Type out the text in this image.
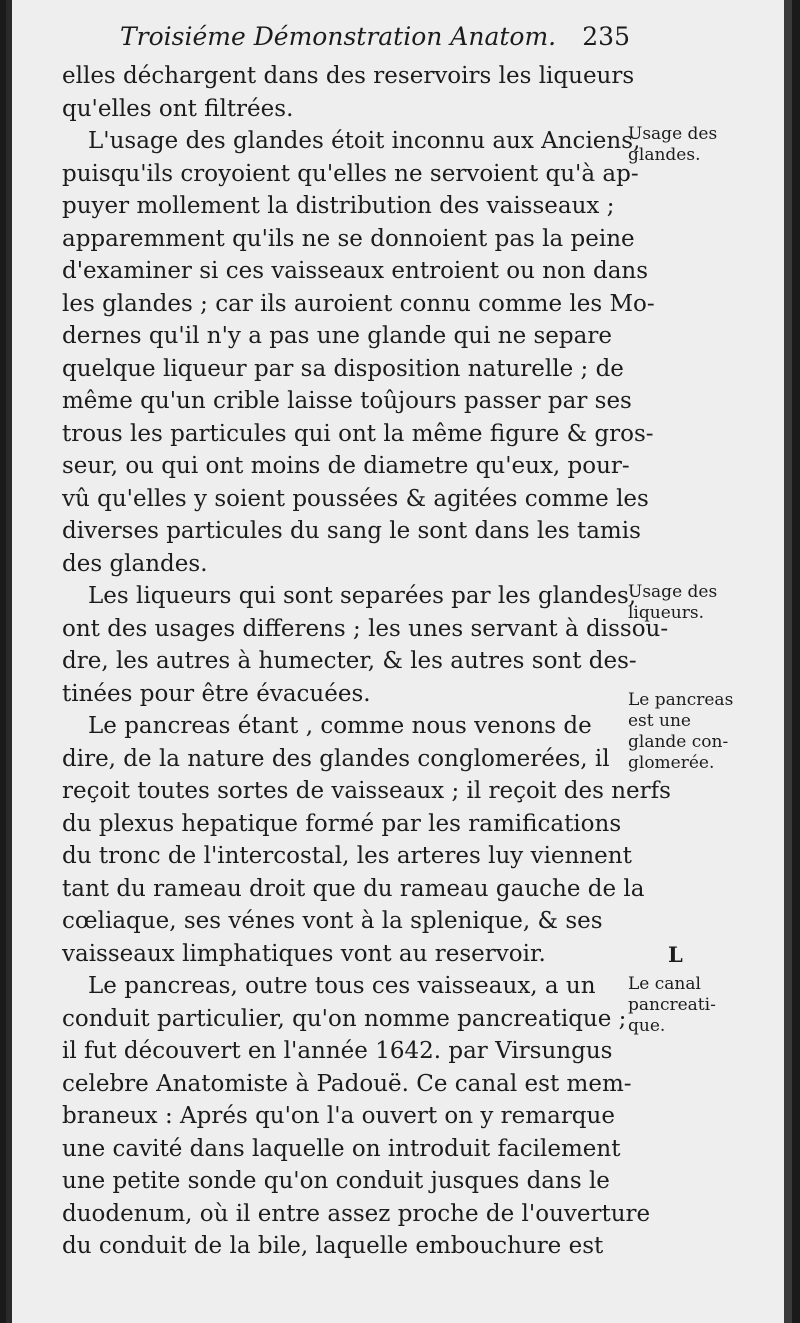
Troisiéme Démonstration Anatom. 235
elles déchargent dans des reservoirs les liqueurs
qu'elles ont filtrées.
L'usage des glandes étoit inconnu aux Anciens,
puisqu'ils croyoient qu'elles ne servoient qu'à ap-
puyer mollement la distribution des vaisseaux ;
apparemment qu'ils ne se donnoient pas la peine
d'examiner si ces vaisseaux entroient ou non dans
les glandes ; car ils auroient connu comme les Mo-
dernes qu'il n'y a pas une glande qui ne separe
quelque liqueur par sa disposition naturelle ; de
même qu'un crible laisse toûjours passer par ses
trous les particules qui ont la même figure & gros-
seur, ou qui ont moins de diametre qu'eux, pour-
vû qu'elles y soient poussées & agitées comme les
diverses particules du sang le sont dans les tamis
des glandes.
Les liqueurs qui sont separées par les glandes,
ont des usages differens ; les unes servant à dissou-
dre, les autres à humecter, & les autres sont des-
tinées pour être évacuées.
Le pancreas étant , comme nous venons de
dire, de la nature des glandes conglomerées, il
reçoit toutes sortes de vaisseaux ; il reçoit des nerfs
du plexus hepatique formé par les ramifications
du tronc de l'intercostal, les arteres luy viennent
tant du rameau droit que du rameau gauche de la
cœliaque, ses vénes vont à la splenique, & ses
vaisseaux limphatiques vont au reservoir.
Le pancreas, outre tous ces vaisseaux, a un
conduit particulier, qu'on nomme pancreatique ;
il fut découvert en l'année 1642. par Virsungus
celebre Anatomiste à Padouë. Ce canal est mem-
braneux : Aprés qu'on l'a ouvert on y remarque
une cavité dans laquelle on introduit facilement
une petite sonde qu'on conduit jusques dans le
duodenum, où il entre assez proche de l'ouverture
du conduit de la bile, laquelle embouchure est
Usage des
glandes.
Usage des
liqueurs.
Le pancreas
est une
glande con-
glomerée.
Le canal
pancreati-
que.
L
